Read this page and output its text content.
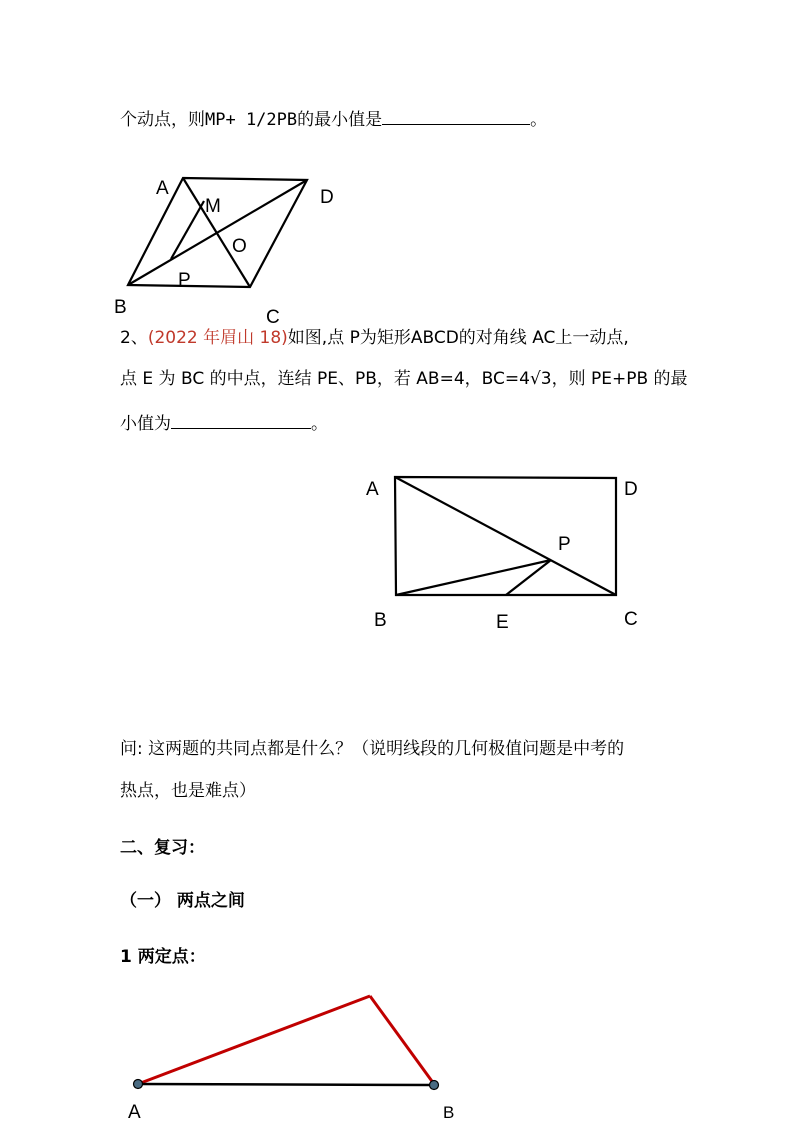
个动点，则MP+ 1/2PB的最小值是	。
A	D
M
O
P
B	C
2、(2022 年眉山 18)如图,点 P为矩形ABCD的对角线 AC上一动点,
点 E 为 BC 的中点，连结 PE、PB，若 AB=4，BC=4√3，则 PE+PB 的最
小值为	。
A	D
P
B	E	C
问: 这两题的共同点都是什么？（说明线段的几何极值问题是中考的
热点，也是难点）
二、复习：
（一） 两点之间
1 两定点：
A	B
